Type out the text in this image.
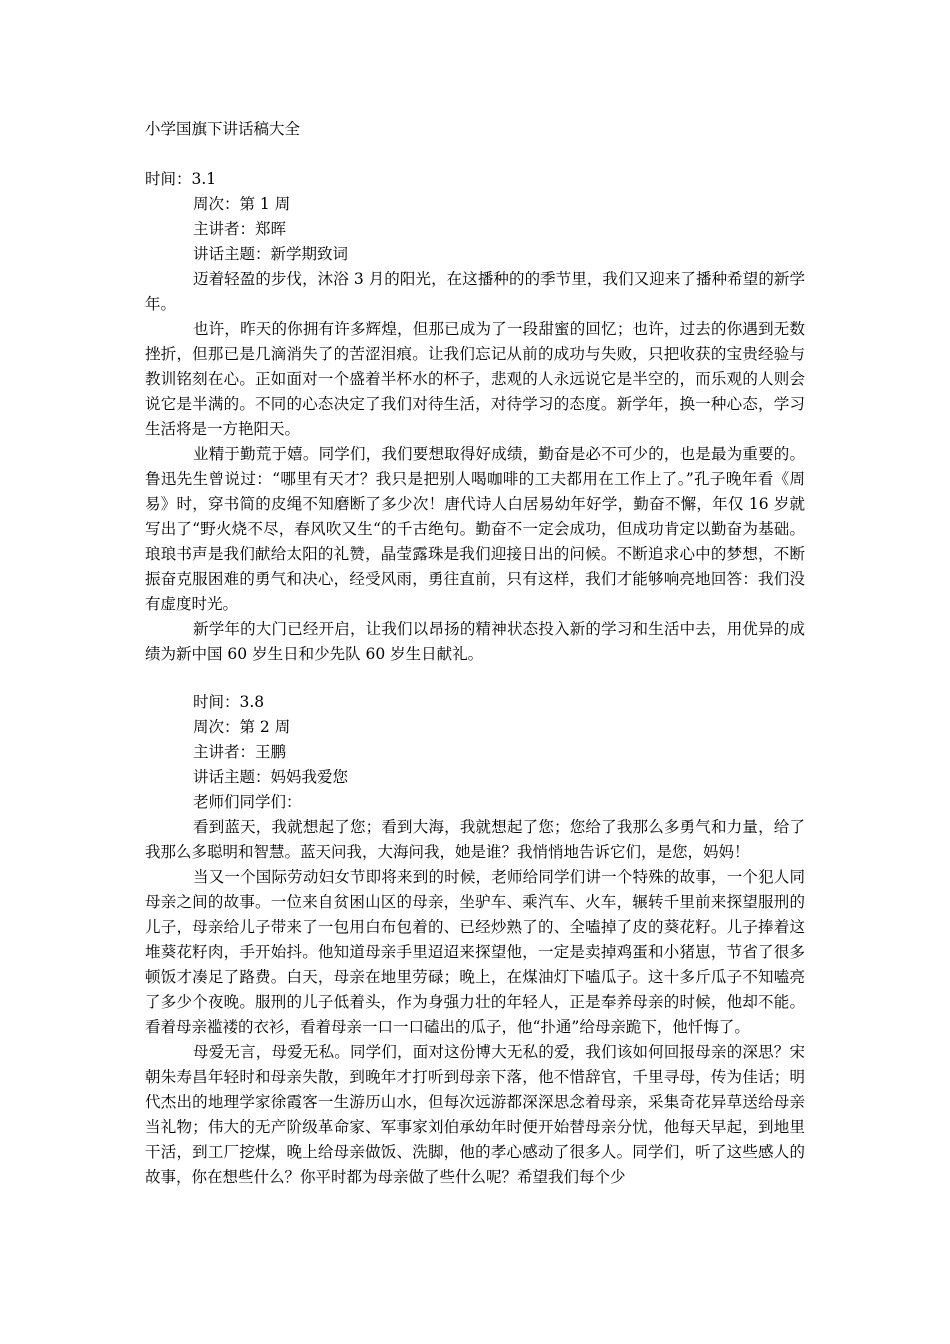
小学国旗下讲话稿大全

时间：3.1

周次：第 1 周

主讲者：郑晖

讲话主题：新学期致词

迈着轻盈的步伐，沐浴 3 月的阳光，在这播种的的季节里，我们又迎来了播种希望的新学年。

也许，昨天的你拥有许多辉煌，但那已成为了一段甜蜜的回忆；也许，过去的你遇到无数挫折，但那已是几滴消失了的苦涩泪痕。让我们忘记从前的成功与失败，只把收获的宝贵经验与教训铭刻在心。正如面对一个盛着半杯水的杯子，悲观的人永远说它是半空的，而乐观的人则会说它是半满的。不同的心态决定了我们对待生活，对待学习的态度。新学年，换一种心态，学习生活将是一方艳阳天。

业精于勤荒于嬉。同学们，我们要想取得好成绩，勤奋是必不可少的，也是最为重要的。鲁迅先生曾说过：“哪里有天才？我只是把别人喝咖啡的工夫都用在工作上了。”孔子晚年看《周易》时，穿书简的皮绳不知磨断了多少次！唐代诗人白居易幼年好学，勤奋不懈，年仅 16 岁就写出了“野火烧不尽，春风吹又生“的千古绝句。勤奋不一定会成功，但成功肯定以勤奋为基础。琅琅书声是我们献给太阳的礼赞，晶莹露珠是我们迎接日出的问候。不断追求心中的梦想，不断振奋克服困难的勇气和决心，经受风雨，勇往直前，只有这样，我们才能够响亮地回答：我们没有虚度时光。

新学年的大门已经开启，让我们以昂扬的精神状态投入新的学习和生活中去，用优异的成绩为新中国 60 岁生日和少先队 60 岁生日献礼。

时间：3.8

周次：第 2 周

主讲者：王鹏

讲话主题：妈妈我爱您

老师们同学们：

看到蓝天，我就想起了您；看到大海，我就想起了您；您给了我那么多勇气和力量，给了我那么多聪明和智慧。蓝天问我，大海问我，她是谁？我悄悄地告诉它们，是您，妈妈！

当又一个国际劳动妇女节即将来到的时候，老师给同学们讲一个特殊的故事，一个犯人同母亲之间的故事。一位来自贫困山区的母亲，坐驴车、乘汽车、火车，辗转千里前来探望服刑的儿子，母亲给儿子带来了一包用白布包着的、已经炒熟了的、全嗑掉了皮的葵花籽。儿子捧着这堆葵花籽肉，手开始抖。他知道母亲手里迢迢来探望他，一定是卖掉鸡蛋和小猪崽，节省了很多顿饭才凑足了路费。白天，母亲在地里劳碌；晚上，在煤油灯下嗑瓜子。这十多斤瓜子不知嗑亮了多少个夜晚。服刑的儿子低着头，作为身强力壮的年轻人，正是奉养母亲的时候，他却不能。看着母亲褴褛的衣衫，看着母亲一口一口磕出的瓜子，他“扑通”给母亲跪下，他忏悔了。

母爱无言，母爱无私。同学们，面对这份博大无私的爱，我们该如何回报母亲的深思？宋朝朱寿昌年轻时和母亲失散，到晚年才打听到母亲下落，他不惜辞官，千里寻母，传为佳话；明代杰出的地理学家徐霞客一生游历山水，但每次远游都深深思念着母亲，采集奇花异草送给母亲当礼物；伟大的无产阶级革命家、军事家刘伯承幼年时便开始替母亲分忧，他每天早起，到地里干活，到工厂挖煤，晚上给母亲做饭、洗脚，他的孝心感动了很多人。同学们，听了这些感人的故事，你在想些什么？你平时都为母亲做了些什么呢？希望我们每个少
